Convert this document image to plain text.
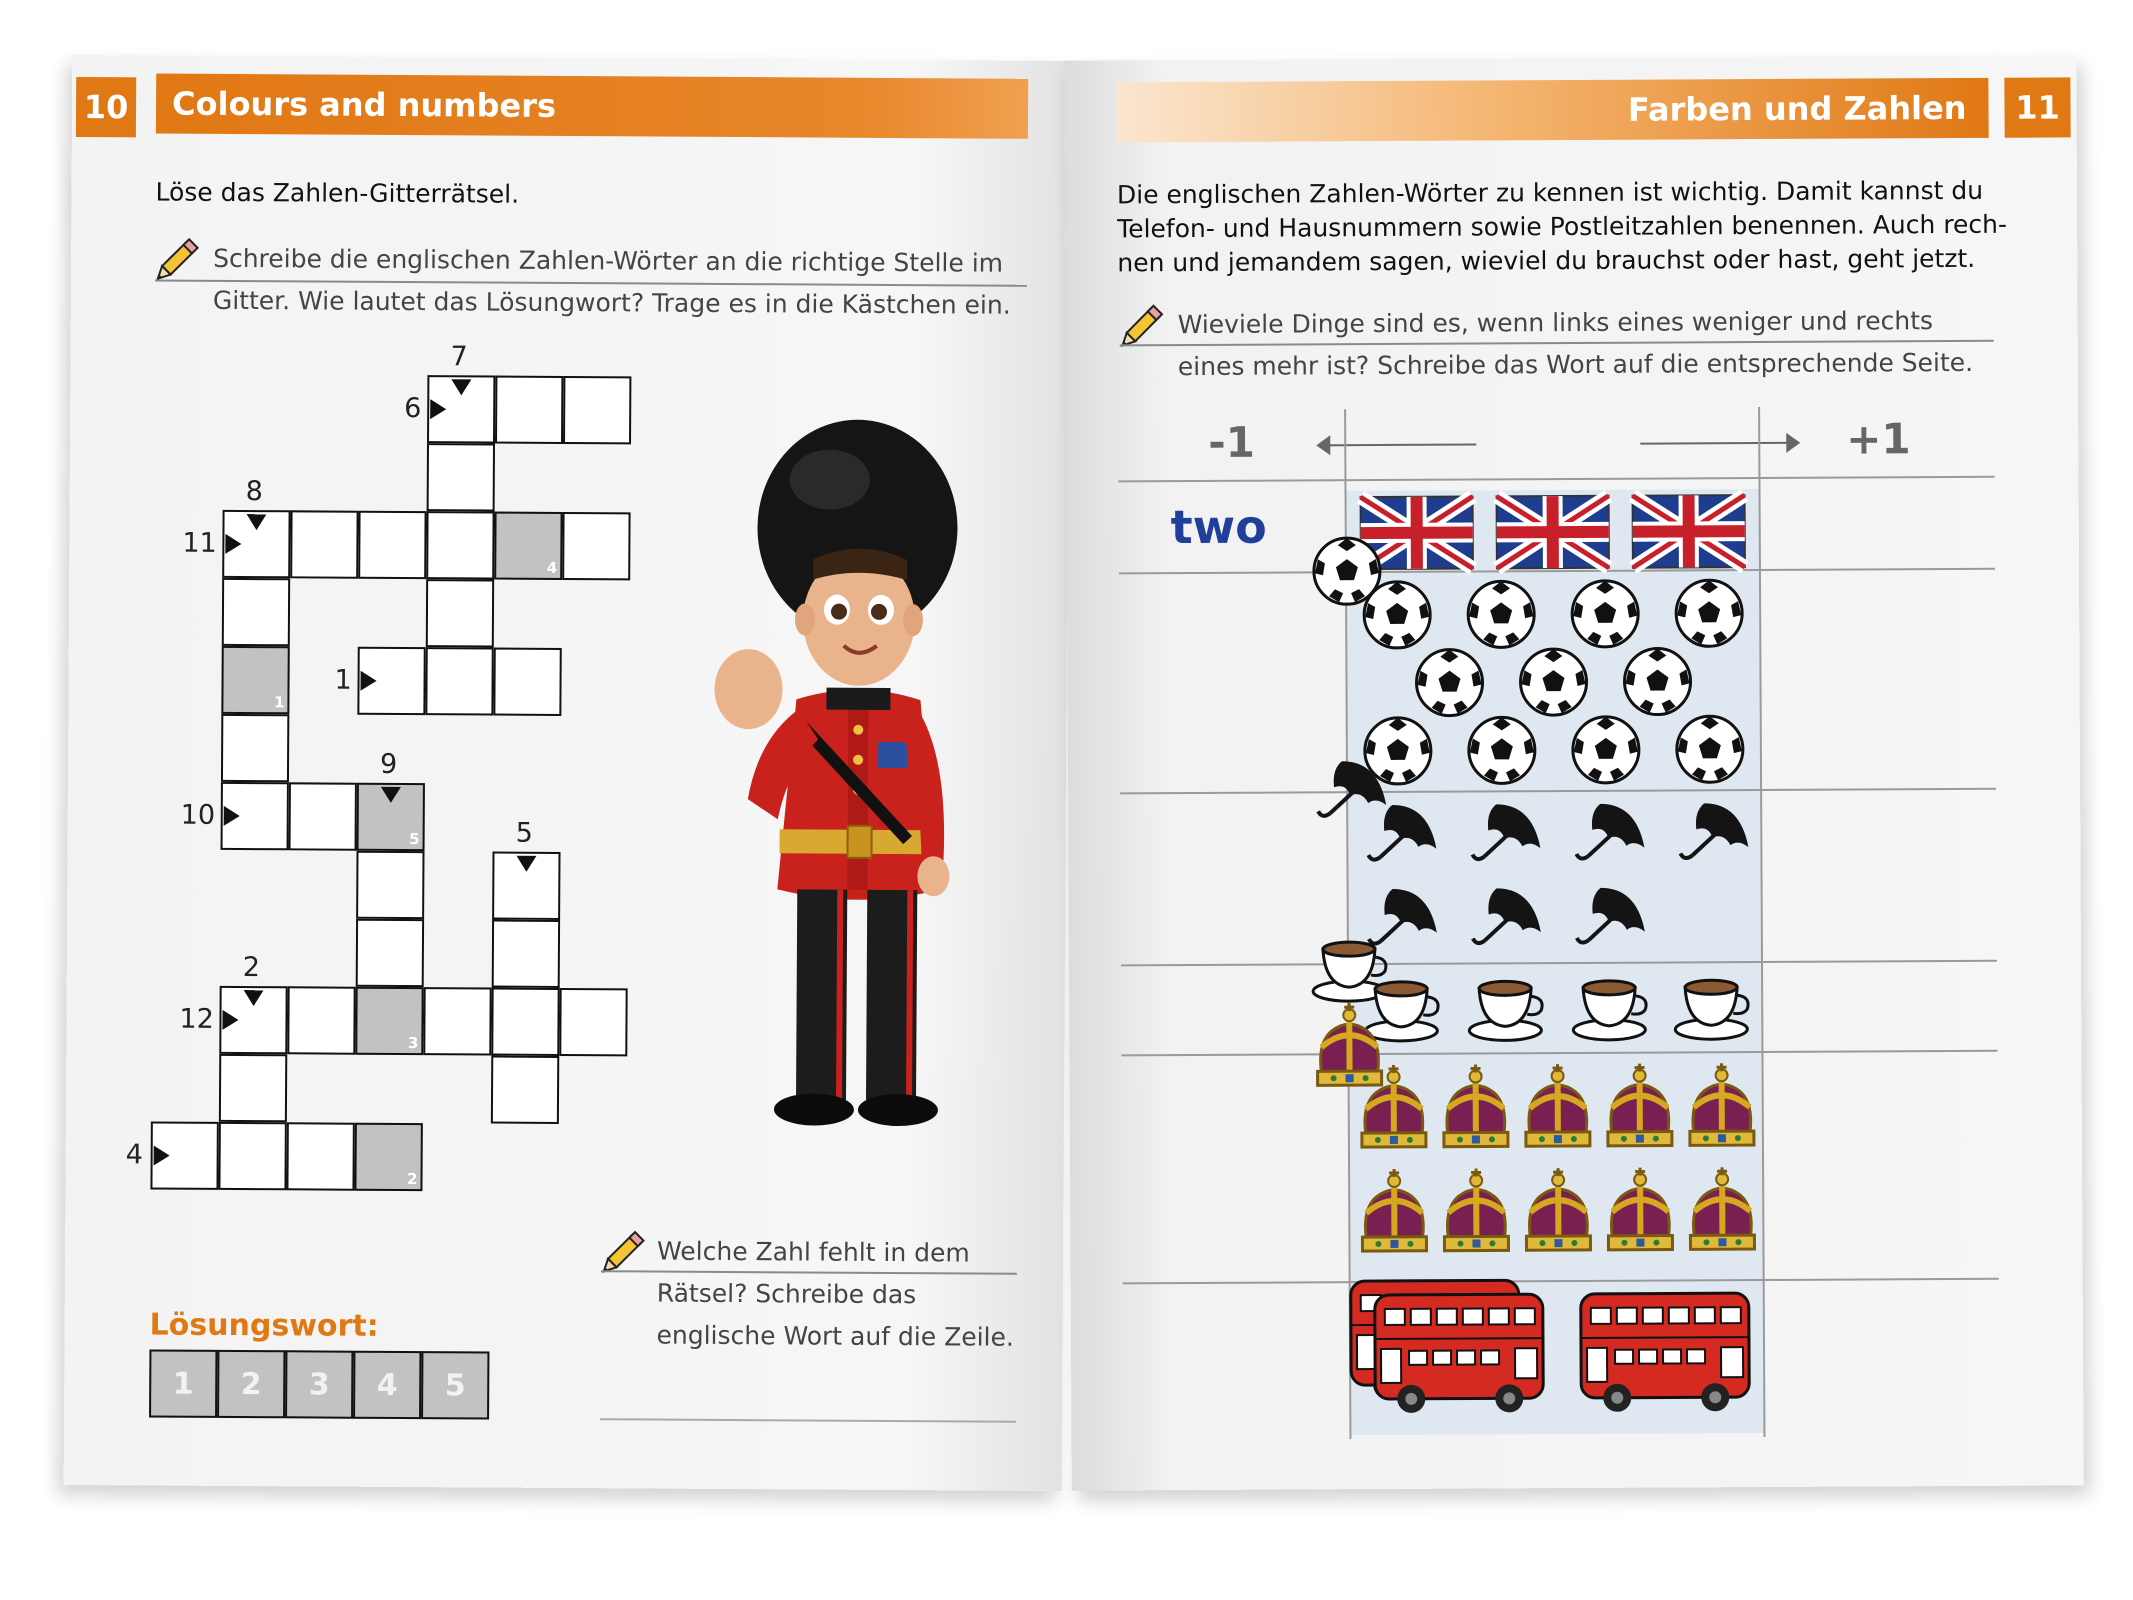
10	Colours and numbers
Löse das Zahlen-Gitterrätsel.
Schreibe die englischen Zahlen-Wörter an die richtige Stelle im
Gitter. Wie lautet das Lösungwort? Trage es in die Kästchen ein.
4
1
5
3
2
7
6
8
11
1
9
10
5
2
12
4
Welche Zahl fehlt in dem
Rätsel? Schreibe das
englische Wort auf die Zeile.
Lösungswort:
1	2	3	4	5
Farben und Zahlen	11
Die englischen Zahlen-Wörter zu kennen ist wichtig. Damit kannst du
Telefon- und Hausnummern sowie Postleitzahlen benennen. Auch rech-
nen und jemandem sagen, wieviel du brauchst oder hast, geht jetzt.
Wieviele Dinge sind es, wenn links eines weniger und rechts
eines mehr ist? Schreibe das Wort auf die entsprechende Seite.
-1	+1
two
